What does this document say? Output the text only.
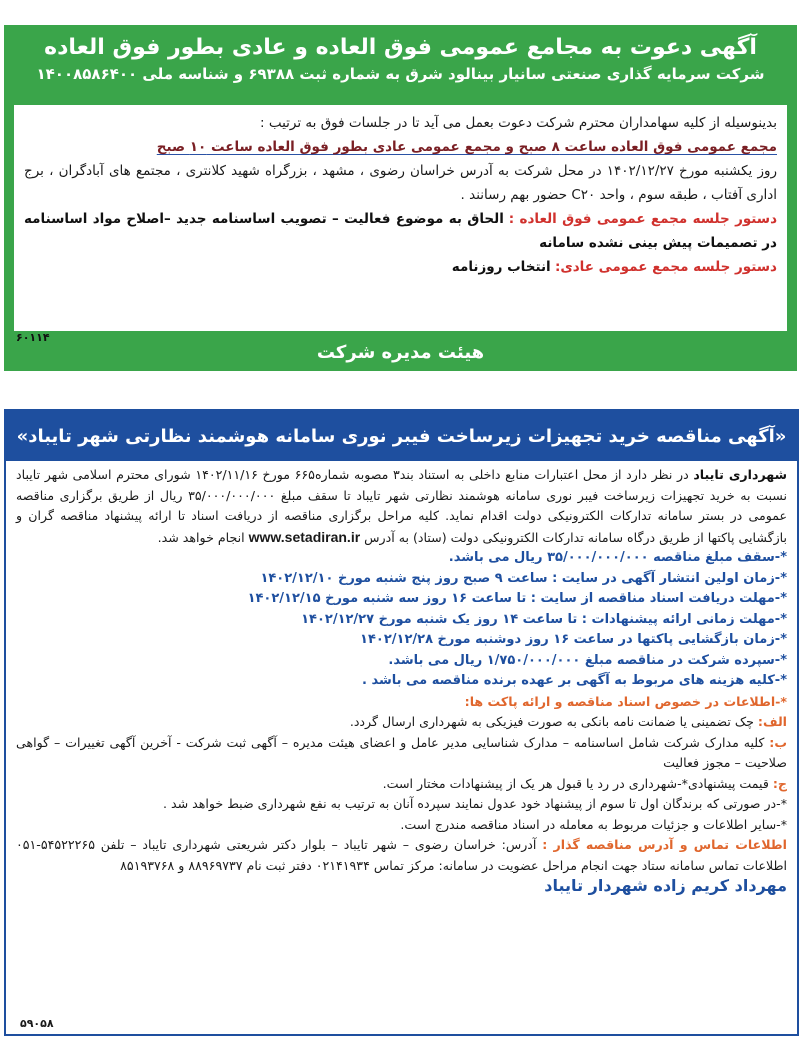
آگهی دعوت به مجامع عمومی فوق العاده و عادی بطور فوق العاده
شرکت سرمایه گذاری صنعتی سانیار بینالود شرق به شماره ثبت ۶۹۳۸۸ و شناسه ملی ۱۴۰۰۸۵۸۶۴۰۰

بدینوسیله از کلیه سهامداران محترم شرکت دعوت بعمل می آید تا در جلسات فوق به ترتیب :

مجمع عمومی فوق العاده ساعت ۸ صبح و مجمع عمومی عادی بطور فوق العاده ساعت ۱۰ صبح

روز یکشنبه مورخ ۱۴۰۲/۱۲/۲۷ در محل شرکت به آدرس خراسان رضوی ، مشهد ، بزرگراه شهید کلانتری ، مجتمع های آبادگران ، برج اداری آفتاب ، طبقه سوم ، واحد C۲۰ حضور بهم رسانند .

دستور جلسه مجمع عمومی فوق العاده : الحاق به موضوع فعالیت – تصویب اساسنامه جدید –اصلاح مواد اساسنامه در تصمیمات پیش بینی نشده سامانه

دستور جلسه مجمع عمومی عادی: انتخاب روزنامه

۶۰۱۱۴
هیئت مدیره شرکت
«آگهی مناقصه خرید تجهیزات زیرساخت فیبر نوری سامانه هوشمند نظارتی شهر تایباد»

شهرداری تایباد در نظر دارد از محل اعتبارات منابع داخلی به استناد بند۳ مصوبه شماره۶۶۵ مورخ ۱۴۰۲/۱۱/۱۶ شورای محترم اسلامی شهر تایباد نسبت به خرید تجهیزات زیرساخت فیبر نوری سامانه هوشمند نظارتی شهر تایباد تا سقف مبلغ ۳۵/۰۰۰/۰۰۰/۰۰۰ ریال از طریق برگزاری مناقصه عمومی در بستر سامانه تدارکات الکترونیکی دولت اقدام نماید. کلیه مراحل برگزاری مناقصه از دریافت اسناد تا ارائه پیشنهاد مناقصه گران و بازگشایی پاکتها از طریق درگاه سامانه تدارکات الکترونیکی دولت (ستاد) به آدرس www.setadiran.ir انجام خواهد شد.

*-سقف مبلغ مناقصه ۳۵/۰۰۰/۰۰۰/۰۰۰ ریال می باشد.

*-زمان اولین انتشار آگهی در سایت : ساعت ۹ صبح روز پنج شنبه مورخ ۱۴۰۲/۱۲/۱۰

*-مهلت دریافت اسناد مناقصه از سایت : تا ساعت ۱۶ روز سه شنبه مورخ ۱۴۰۲/۱۲/۱۵

*-مهلت زمانی ارائه پیشنهادات : تا ساعت ۱۴ روز یک شنبه مورخ ۱۴۰۲/۱۲/۲۷

*-زمان بازگشایی پاکتها در ساعت ۱۶ روز دوشنبه مورخ ۱۴۰۲/۱۲/۲۸

*-سپرده شرکت در مناقصه مبلغ ۱/۷۵۰/۰۰۰/۰۰۰ ریال می باشد.

*-کلیه هزینه های مربوط به آگهی بر عهده برنده مناقصه می باشد .

*-اطلاعات در خصوص اسناد مناقصه و ارائه پاکت ها:

الف: چک تضمینی یا ضمانت نامه بانکی به صورت فیزیکی به شهرداری ارسال گردد.

ب: کلیه مدارک شرکت شامل اساسنامه – مدارک شناسایی مدیر عامل و اعضای هیئت مدیره – آگهی ثبت شرکت - آخرین آگهی تغییرات – گواهی صلاحیت – مجوز فعالیت

ج: قیمت پیشنهادی*-شهرداری در رد یا قبول هر یک از پیشنهادات مختار است.

*-در صورتی که برندگان اول تا سوم از پیشنهاد خود عدول نمایند سپرده آنان به ترتیب به نفع شهرداری ضبط خواهد شد .

*-سایر اطلاعات و جزئیات مربوط به معامله در اسناد مناقصه مندرج است.

اطلاعات تماس و آدرس مناقصه گذار : آدرس: خراسان رضوی – شهر تایباد – بلوار دکتر شریعتی شهرداری تایباد – تلفن ۵۴۵۲۲۲۶۵-۰۵۱ اطلاعات تماس سامانه ستاد جهت انجام مراحل عضویت در سامانه: مرکز تماس ۰۲۱۴۱۹۳۴ دفتر ثبت نام ۸۸۹۶۹۷۳۷ و ۸۵۱۹۳۷۶۸

مهرداد کریم زاده شهردار تایباد

۵۹۰۵۸
